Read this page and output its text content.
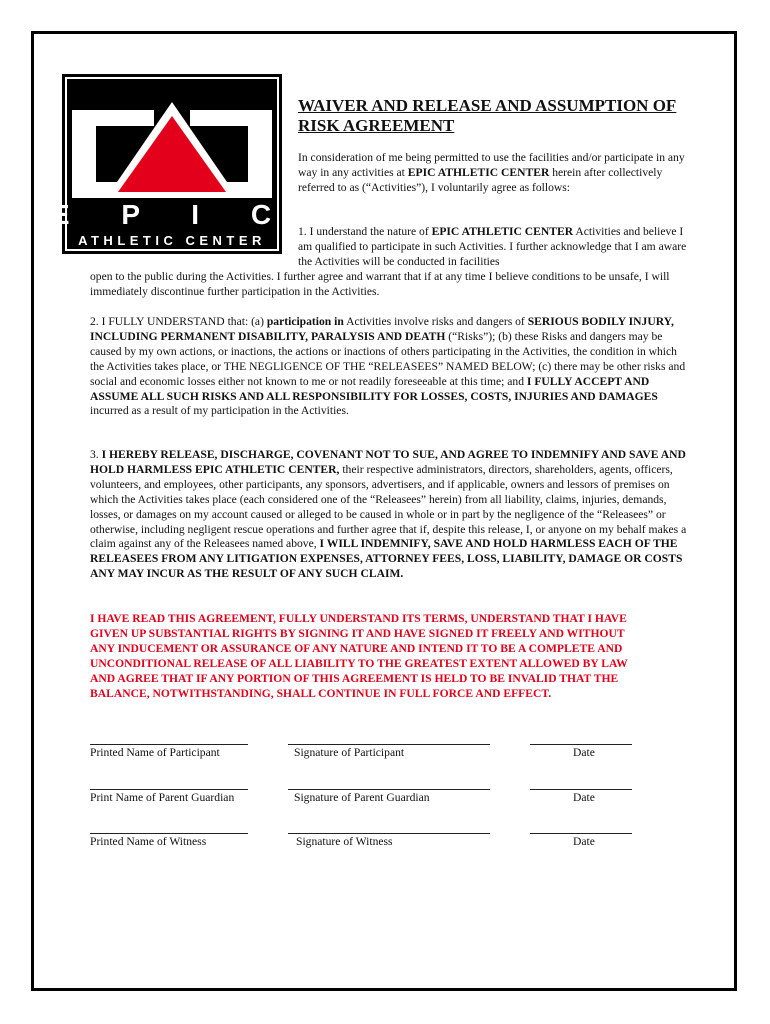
E P I C
ATHLETIC CENTER
WAIVER AND RELEASE AND ASSUMPTION OF RISK AGREEMENT

In consideration of me being permitted to use the facilities and/or participate in any way in any activities at EPIC ATHLETIC CENTER herein after collectively referred to as (“Activities”), I voluntarily agree as follows:

1. I understand the nature of EPIC ATHLETIC CENTER Activities and believe I am qualified to participate in such Activities. I further acknowledge that I am aware the Activities will be conducted in facilities
open to the public during the Activities. I further agree and warrant that if at any time I believe conditions to be unsafe, I will immediately discontinue further participation in the Activities.

2. I FULLY UNDERSTAND that: (a) participation in Activities involve risks and dangers of SERIOUS BODILY INJURY, INCLUDING PERMANENT DISABILITY, PARALYSIS AND DEATH (“Risks”); (b) these Risks and dangers may be caused by my own actions, or inactions, the actions or inactions of others participating in the Activities, the condition in which the Activities takes place, or THE NEGLIGENCE OF THE “RELEASEES” NAMED BELOW; (c) there may be other risks and social and economic losses either not known to me or not readily foreseeable at this time; and I FULLY ACCEPT AND ASSUME ALL SUCH RISKS AND ALL RESPONSIBILITY FOR LOSSES, COSTS, INJURIES AND DAMAGES incurred as a result of my participation in the Activities.

3. I HEREBY RELEASE, DISCHARGE, COVENANT NOT TO SUE, AND AGREE TO INDEMNIFY AND SAVE AND HOLD HARMLESS EPIC ATHLETIC CENTER, their respective administrators, directors, shareholders, agents, officers, volunteers, and employees, other participants, any sponsors, advertisers, and if applicable, owners and lessors of premises on which the Activities takes place (each considered one of the “Releasees” herein) from all liability, claims, injuries, demands, losses, or damages on my account caused or alleged to be caused in whole or in part by the negligence of the “Releasees” or otherwise, including negligent rescue operations and further agree that if, despite this release, I, or anyone on my behalf makes a claim against any of the Releasees named above, I WILL INDEMNIFY, SAVE AND HOLD HARMLESS EACH OF THE RELEASEES FROM ANY LITIGATION EXPENSES, ATTORNEY FEES, LOSS, LIABILITY, DAMAGE OR COSTS ANY MAY INCUR AS THE RESULT OF ANY SUCH CLAIM.

I HAVE READ THIS AGREEMENT, FULLY UNDERSTAND ITS TERMS, UNDERSTAND THAT I HAVE GIVEN UP SUBSTANTIAL RIGHTS BY SIGNING IT AND HAVE SIGNED IT FREELY AND WITHOUT ANY INDUCEMENT OR ASSURANCE OF ANY NATURE AND INTEND IT TO BE A COMPLETE AND UNCONDITIONAL RELEASE OF ALL LIABILITY TO THE GREATEST EXTENT ALLOWED BY LAW AND AGREE THAT IF ANY PORTION OF THIS AGREEMENT IS HELD TO BE INVALID THAT THE BALANCE, NOTWITHSTANDING, SHALL CONTINUE IN FULL FORCE AND EFFECT.

Printed Name of Participant	Signature of Participant	Date
Print Name of Parent Guardian	Signature of Parent Guardian	Date
Printed Name of Witness	Signature of Witness	Date
